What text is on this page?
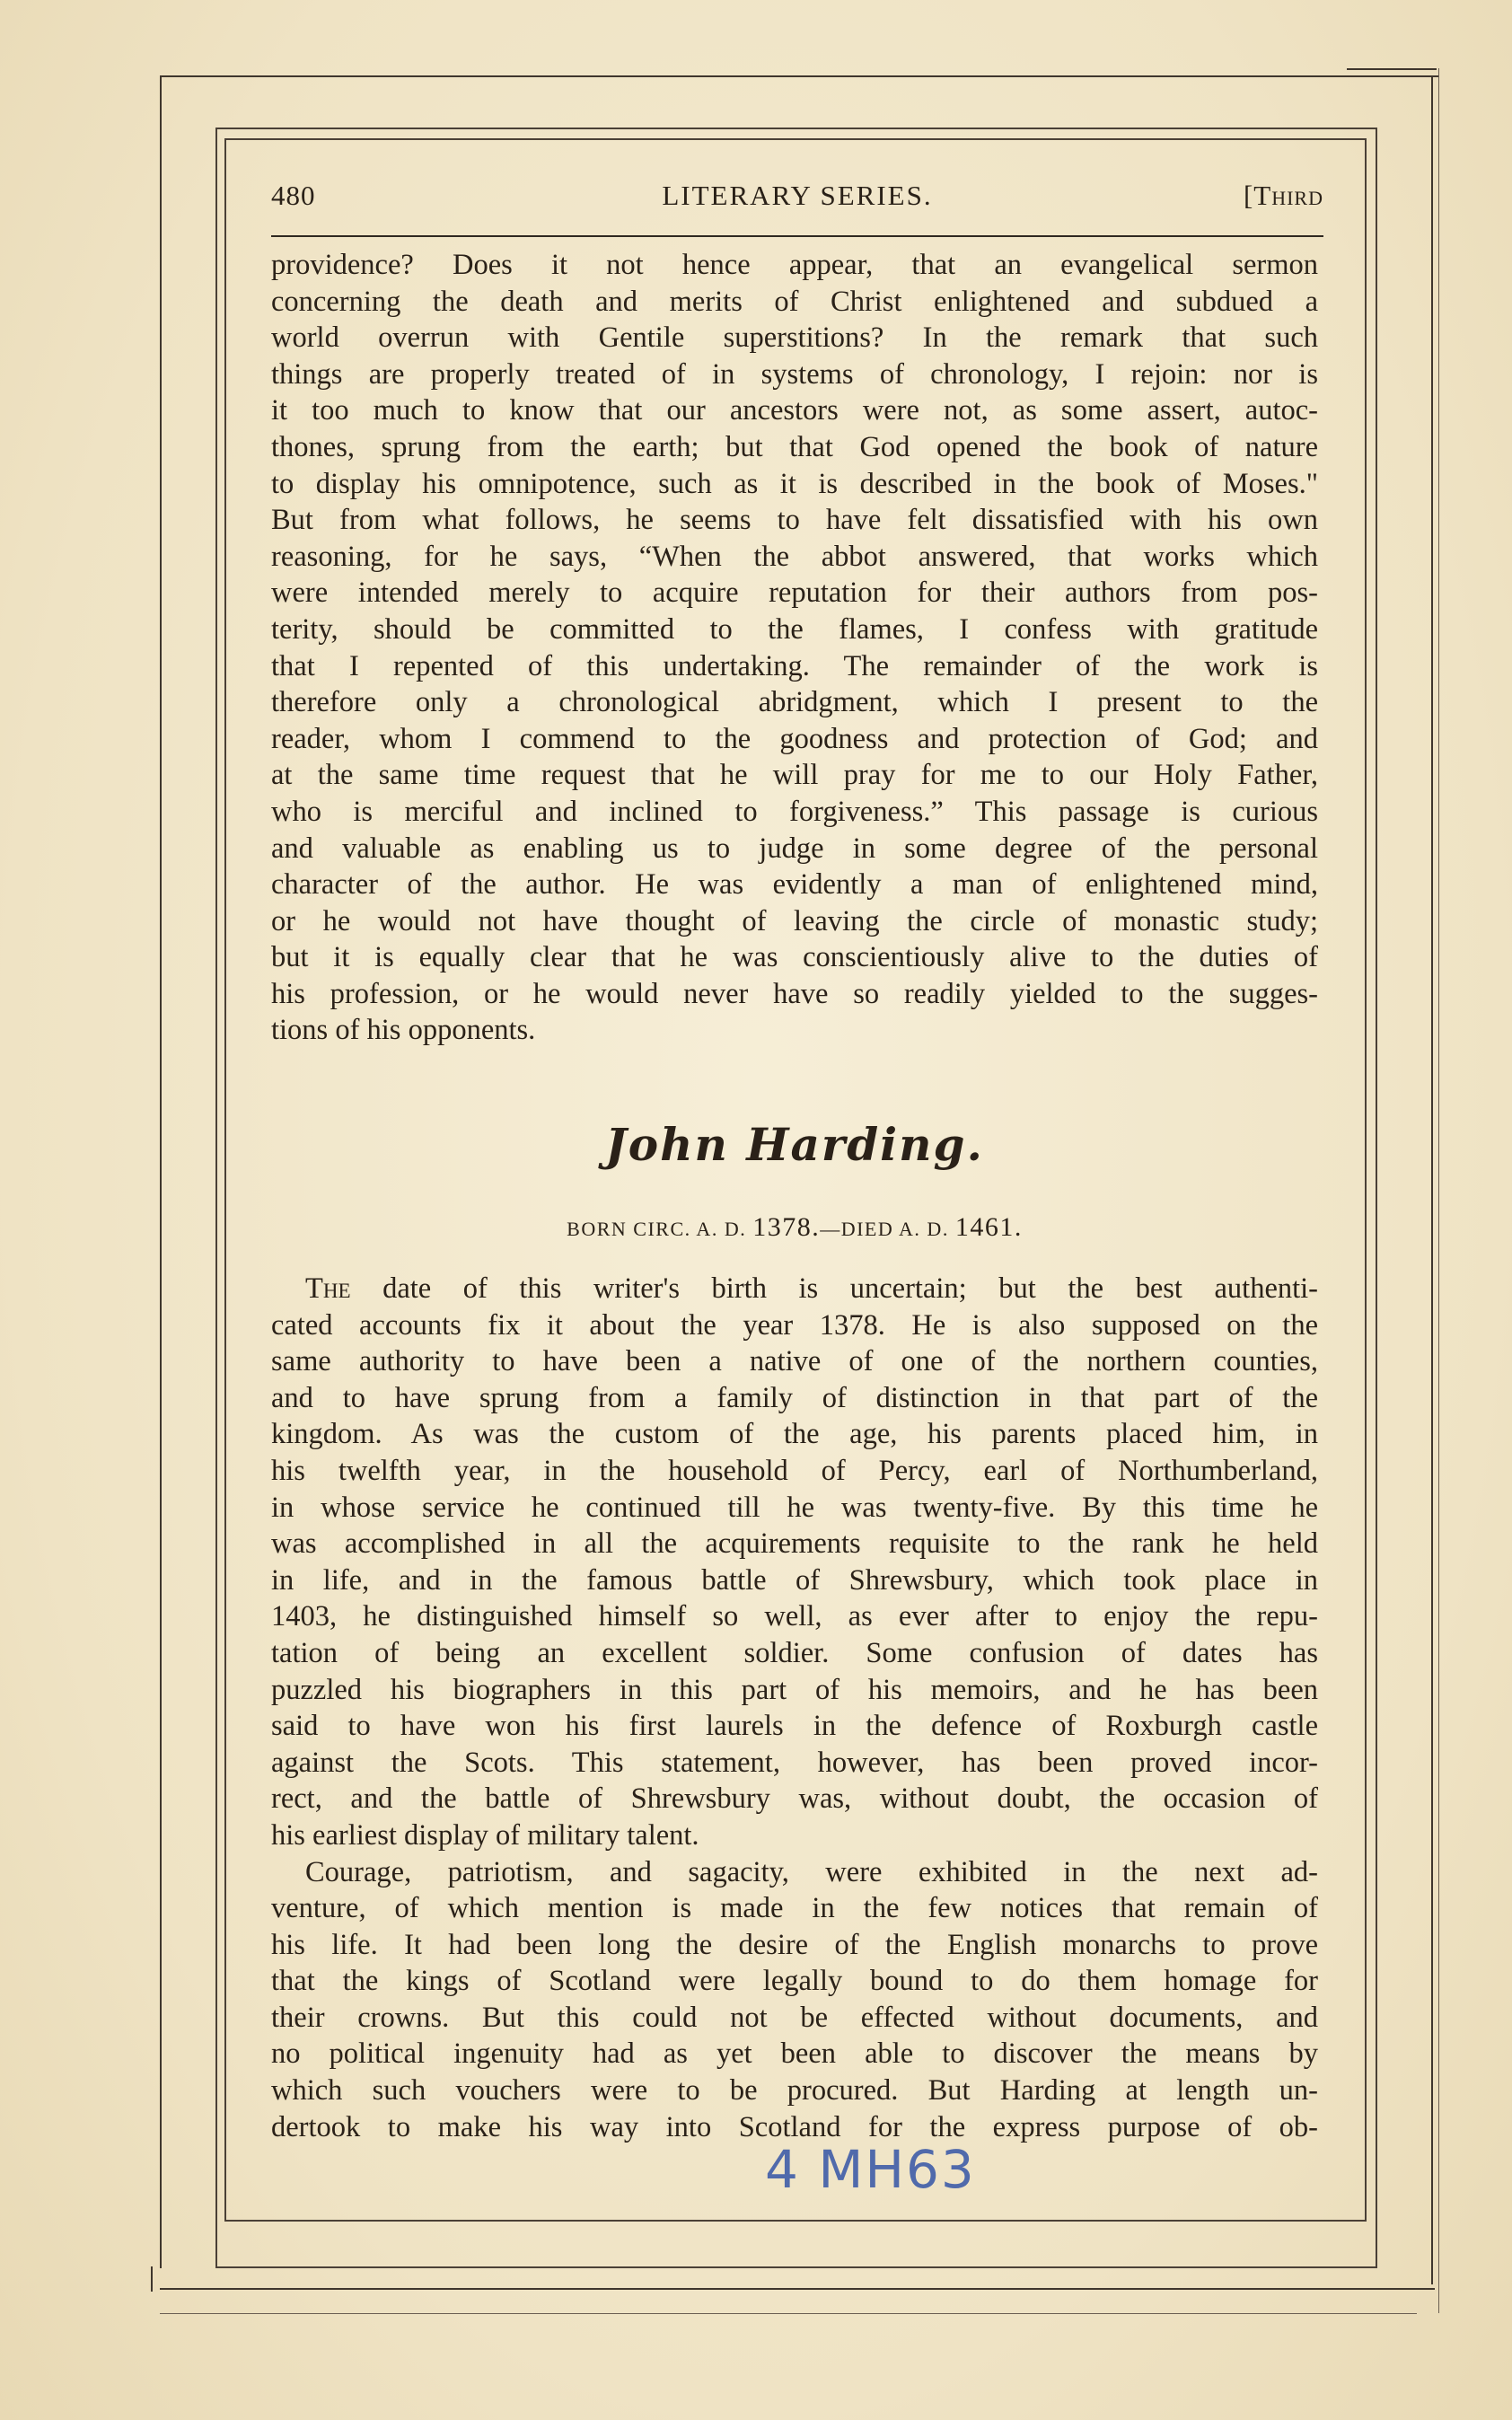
480	LITERARY SERIES.	[Third
providence? Does it not hence appear, that an evangelical sermon
concerning the death and merits of Christ enlightened and subdued a
world overrun with Gentile superstitions? In the remark that such
things are properly treated of in systems of chronology, I rejoin: nor is
it too much to know that our ancestors were not, as some assert, autoc-
thones, sprung from the earth; but that God opened the book of nature
to display his omnipotence, such as it is described in the book of Moses."
But from what follows, he seems to have felt dissatisfied with his own
reasoning, for he says, “When the abbot answered, that works which
were intended merely to acquire reputation for their authors from pos-
terity, should be committed to the flames, I confess with gratitude
that I repented of this undertaking. The remainder of the work is
therefore only a chronological abridgment, which I present to the
reader, whom I commend to the goodness and protection of God; and
at the same time request that he will pray for me to our Holy Father,
who is merciful and inclined to forgiveness.” This passage is curious
and valuable as enabling us to judge in some degree of the personal
character of the author. He was evidently a man of enlightened mind,
or he would not have thought of leaving the circle of monastic study;
but it is equally clear that he was conscientiously alive to the duties of
his profession, or he would never have so readily yielded to the sugges-
tions of his opponents.
John Harding.
BORN CIRC. A. D. 1378.—DIED A. D. 1461.
The date of this writer's birth is uncertain; but the best authenti-
cated accounts fix it about the year 1378. He is also supposed on the
same authority to have been a native of one of the northern counties,
and to have sprung from a family of distinction in that part of the
kingdom. As was the custom of the age, his parents placed him, in
his twelfth year, in the household of Percy, earl of Northumberland,
in whose service he continued till he was twenty-five. By this time he
was accomplished in all the acquirements requisite to the rank he held
in life, and in the famous battle of Shrewsbury, which took place in
1403, he distinguished himself so well, as ever after to enjoy the repu-
tation of being an excellent soldier. Some confusion of dates has
puzzled his biographers in this part of his memoirs, and he has been
said to have won his first laurels in the defence of Roxburgh castle
against the Scots. This statement, however, has been proved incor-
rect, and the battle of Shrewsbury was, without doubt, the occasion of
his earliest display of military talent.
Courage, patriotism, and sagacity, were exhibited in the next ad-
venture, of which mention is made in the few notices that remain of
his life. It had been long the desire of the English monarchs to prove
that the kings of Scotland were legally bound to do them homage for
their crowns. But this could not be effected without documents, and
no political ingenuity had as yet been able to discover the means by
which such vouchers were to be procured. But Harding at length un-
dertook to make his way into Scotland for the express purpose of ob-
4 MH63
